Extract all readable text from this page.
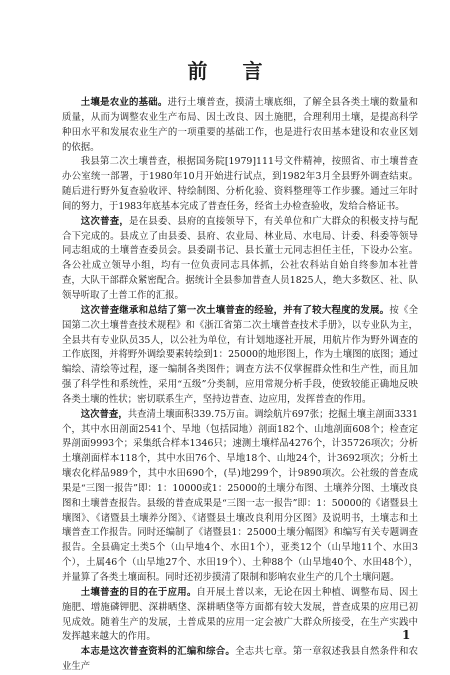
前 言

土壤是农业的基础。进行土壤普查，摸清土壤底细，了解全县各类土壤的数量和质量，从而为调整农业生产布局、因土改良、因土施肥，合理利用土壤，是提高科学种田水平和发展农业生产的一项重要的基础工作，也是进行农田基本建设和农业区划的依据。

我县第二次土壤普查，根据国务院[1979]111号文件精神，按照省、市土壤普查办公室统一部署，于1980年10月开始进行试点，到1982年3月全县野外调查结束。随后进行野外复查验收评、特绘制图、分析化验、资料整理等工作步骤。通过三年时间的努力，于1983年底基本完成了普查任务，经省土办检查验收，发给合格证书。

这次普查，是在县委、县府的直接领导下，有关单位和广大群众的积极支持与配合下完成的。县成立了由县委、县府、农业局、林业局、水电局、计委、科委等领导同志组成的土壤普查委员会。县委副书记、县长董士元同志担任主任，下设办公室。各公社成立领导小组，均有一位负责同志具体抓，公社农科站自始自终参加本社普查，大队干部群众紧密配合。据统计全县参加普查人员1825人，绝大多数区、社、队领导听取了土普工作的汇报。

这次普查继承和总结了第一次土壤普查的经验，并有了较大程度的发展。按《全国第二次土壤普查技术规程》和《浙江省第二次土壤普查技术手册》，以专业队为主，全县共有专业队员35人，以公社为单位，有计划地逐社开展，用航片作为野外调查的工作底图，并将野外调绘要素转绘到1：25000的地形图上，作为土壤图的底图；通过编绘、清绘等过程，逐一编制各类图件；调查方法不仅掌握群众性和生产性，而且加强了科学性和系统性，采用“五级”分类制，应用常规分析手段，使致较能正确地反映各类土壤的性状；密切联系生产，坚持边普查、边应用，发挥普查的作用。

这次普查，共查清土壤面积339.75万亩。调绘航片697张；挖掘土壤主剖面3331个，其中水田剖面2541个、旱地（包括园地）剖面182个、山地剖面608个；检查定界剖面9993个；采集纸合样本1346只；速测土壤样品4276个，计35726项次；分析土壤剖面样本118个，其中水田76个、旱地18个、山地24个，计3692项次；分析土壤农化样品989个，其中水田690个，(旱)地299个，计9890项次。公社级的普查成果是“三图一报告”即：1：10000或1：25000的土壤分布图、土壤养分图、土壤改良图和土壤普查报告。县级的普查成果是“三图一志一报告”即：1：50000的《诸暨县土壤图》、《诸暨县土壤养分图》、《诸暨县土壤改良利用分区图》及说明书，土壤志和土壤普查工作报告。同时还编制了《诸暨县1：25000土壤分幅图》和编写有关专题调查报告。全县确定土类5个（山早地4个、水田1个），亚类12个（山旱地11个、水田3个），土属46个（山旱地27个、水田19个）、土种88个（山旱地40个、水田48个），并量算了各类土壤面积。同时还初步摸清了限制和影响农业生产的几个土壤问题。

土壤普查的目的在于应用。自开展土普以来，无论在因土种植、调整布局、因土施肥、增施磷钾肥、深耕晒垡、深耕晒垡等方面都有较大发展，普查成果的应用已初见成效。随着生产的发展，土普成果的应用一定会被广大群众所接受，在生产实践中发挥越来越大的作用。

本志是这次普查资料的汇编和综合。全志共七章。第一章叙述我县自然条件和农业生产

1
